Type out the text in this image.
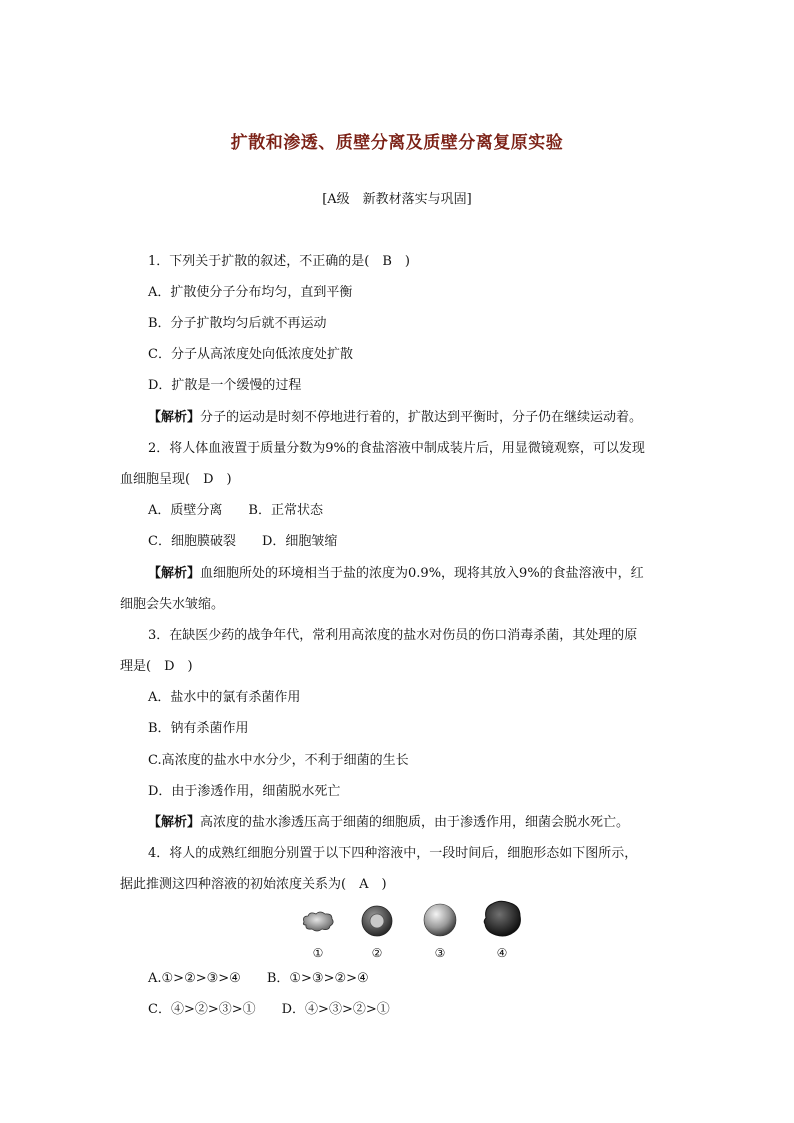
扩散和渗透、质壁分离及质壁分离复原实验
[A级　新教材落实与巩固]
1．下列关于扩散的叙述，不正确的是(　B　)
A．扩散使分子分布均匀，直到平衡
B．分子扩散均匀后就不再运动
C．分子从高浓度处向低浓度处扩散
D．扩散是一个缓慢的过程
【解析】分子的运动是时刻不停地进行着的，扩散达到平衡时，分子仍在继续运动着。
2．将人体血液置于质量分数为9%的食盐溶液中制成装片后，用显微镜观察，可以发现
血细胞呈现(　D　)
A．质壁分离　　B．正常状态
C．细胞膜破裂　　D．细胞皱缩
【解析】血细胞所处的环境相当于盐的浓度为0.9%，现将其放入9%的食盐溶液中，红
细胞会失水皱缩。
3．在缺医少药的战争年代，常利用高浓度的盐水对伤员的伤口消毒杀菌，其处理的原
理是(　D　)
A．盐水中的氯有杀菌作用
B．钠有杀菌作用
C.高浓度的盐水中水分少，不利于细菌的生长
D．由于渗透作用，细菌脱水死亡
【解析】高浓度的盐水渗透压高于细菌的细胞质，由于渗透作用，细菌会脱水死亡。
4．将人的成熟红细胞分别置于以下四种溶液中，一段时间后，细胞形态如下图所示，
据此推测这四种溶液的初始浓度关系为(　A　)
①	②	③	④
A.①>②>③>④　　B．①>③>②>④
C．④>②>③>①　　D．④>③>②>①
